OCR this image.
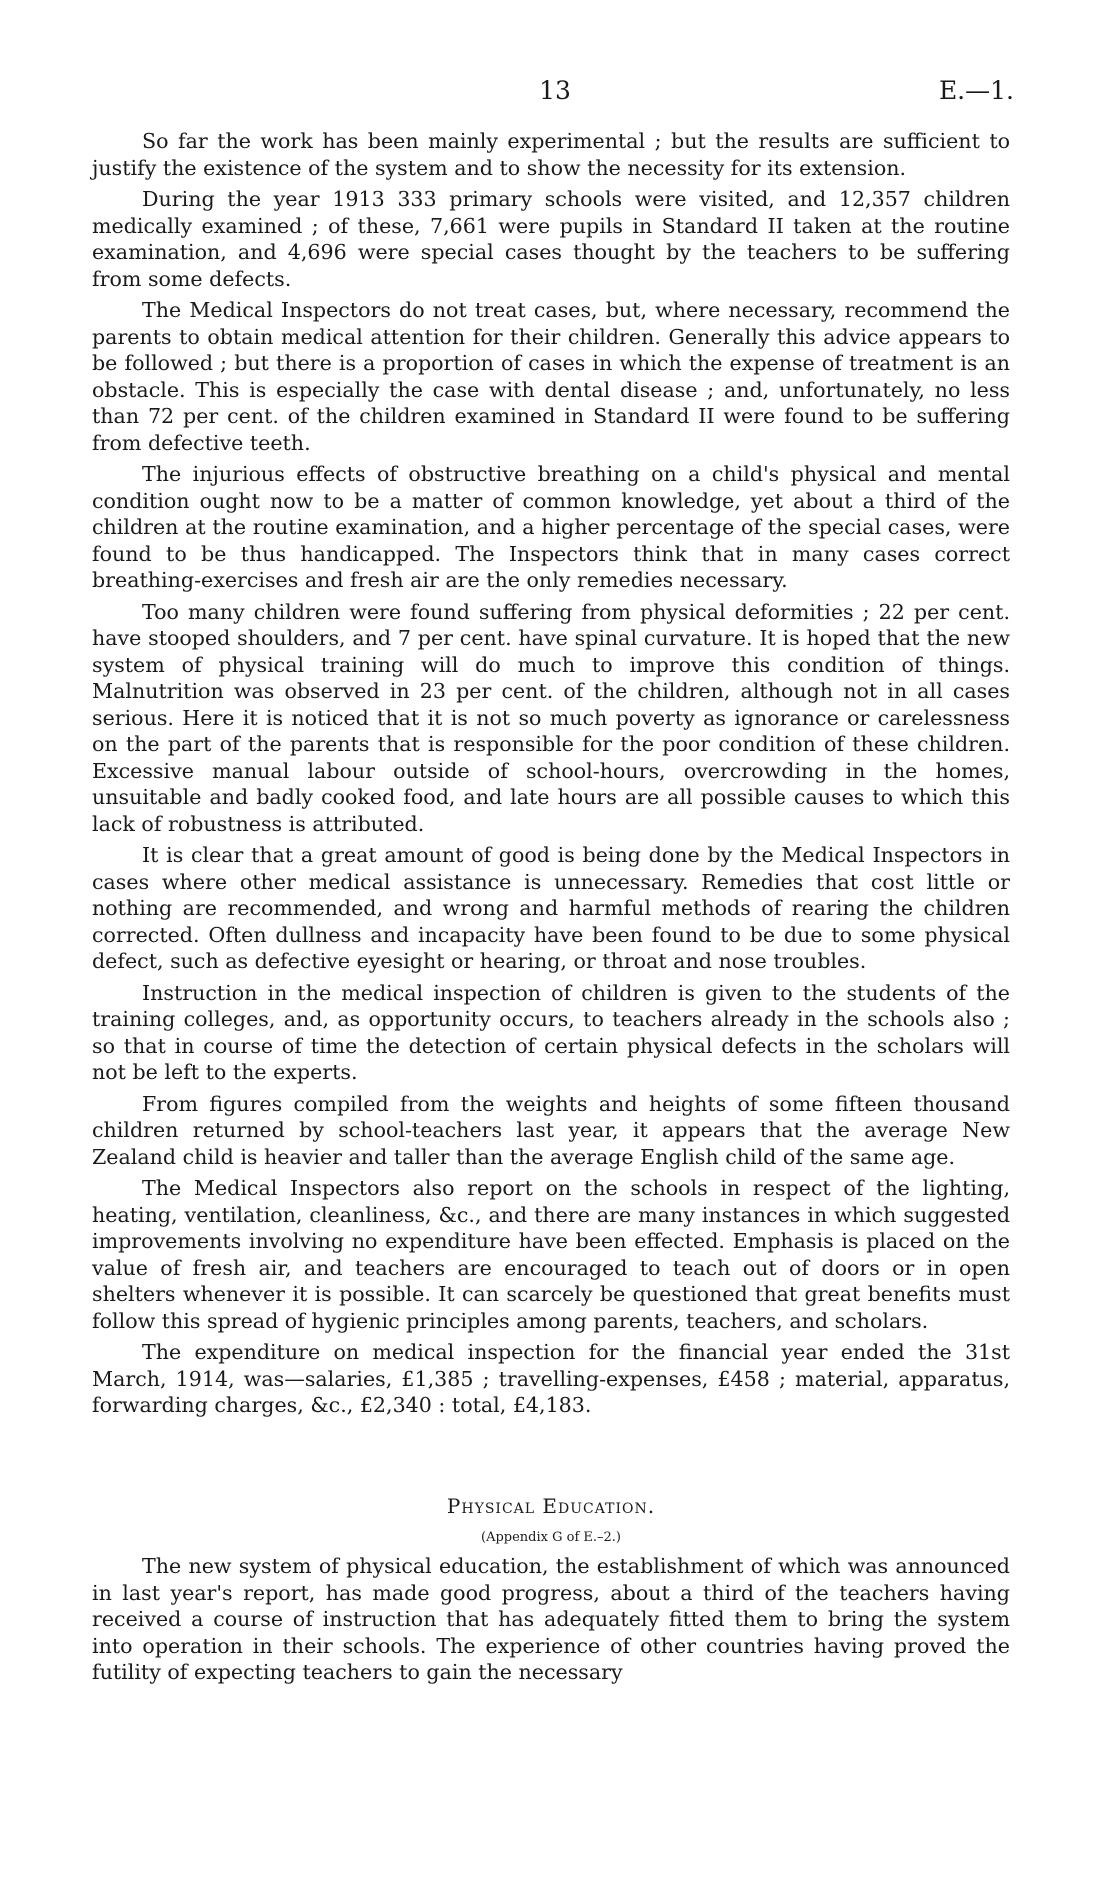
13	E.—1.

So far the work has been mainly experimental ; but the results are sufficient to justify the existence of the system and to show the necessity for its extension.

During the year 1913 333 primary schools were visited, and 12,357 children medically examined ; of these, 7,661 were pupils in Standard II taken at the routine examination, and 4,696 were special cases thought by the teachers to be suffering from some defects.

The Medical Inspectors do not treat cases, but, where necessary, recommend the parents to obtain medical attention for their children. Generally this advice appears to be followed ; but there is a proportion of cases in which the expense of treatment is an obstacle. This is especially the case with dental disease ; and, unfortunately, no less than 72 per cent. of the children examined in Standard II were found to be suffering from defective teeth.

The injurious effects of obstructive breathing on a child's physical and mental condition ought now to be a matter of common knowledge, yet about a third of the children at the routine examination, and a higher percentage of the special cases, were found to be thus handicapped. The Inspectors think that in many cases correct breathing-exercises and fresh air are the only remedies necessary.

Too many children were found suffering from physical deformities ; 22 per cent. have stooped shoulders, and 7 per cent. have spinal curvature. It is hoped that the new system of physical training will do much to improve this condition of things. Malnutrition was observed in 23 per cent. of the children, although not in all cases serious. Here it is noticed that it is not so much poverty as ignorance or carelessness on the part of the parents that is responsible for the poor condition of these children. Excessive manual labour outside of school-hours, overcrowding in the homes, unsuitable and badly cooked food, and late hours are all possible causes to which this lack of robustness is attributed.

It is clear that a great amount of good is being done by the Medical Inspectors in cases where other medical assistance is unnecessary. Remedies that cost little or nothing are recommended, and wrong and harmful methods of rearing the children corrected. Often dullness and incapacity have been found to be due to some physical defect, such as defective eyesight or hearing, or throat and nose troubles.

Instruction in the medical inspection of children is given to the students of the training colleges, and, as opportunity occurs, to teachers already in the schools also ; so that in course of time the detection of certain physical defects in the scholars will not be left to the experts.

From figures compiled from the weights and heights of some fifteen thousand children returned by school-teachers last year, it appears that the average New Zealand child is heavier and taller than the average English child of the same age.

The Medical Inspectors also report on the schools in respect of the lighting, heating, ventilation, cleanliness, &c., and there are many instances in which suggested improvements involving no expenditure have been effected. Emphasis is placed on the value of fresh air, and teachers are encouraged to teach out of doors or in open shelters whenever it is possible. It can scarcely be questioned that great benefits must follow this spread of hygienic principles among parents, teachers, and scholars.

The expenditure on medical inspection for the financial year ended the 31st March, 1914, was—salaries, £1,385 ; travelling-expenses, £458 ; material, apparatus, forwarding charges, &c., £2,340 : total, £4,183.

Physical Education.
(Appendix G of E.–2.)

The new system of physical education, the establishment of which was announced in last year's report, has made good progress, about a third of the teachers having received a course of instruction that has adequately fitted them to bring the system into operation in their schools. The experience of other countries having proved the futility of expecting teachers to gain the necessary
